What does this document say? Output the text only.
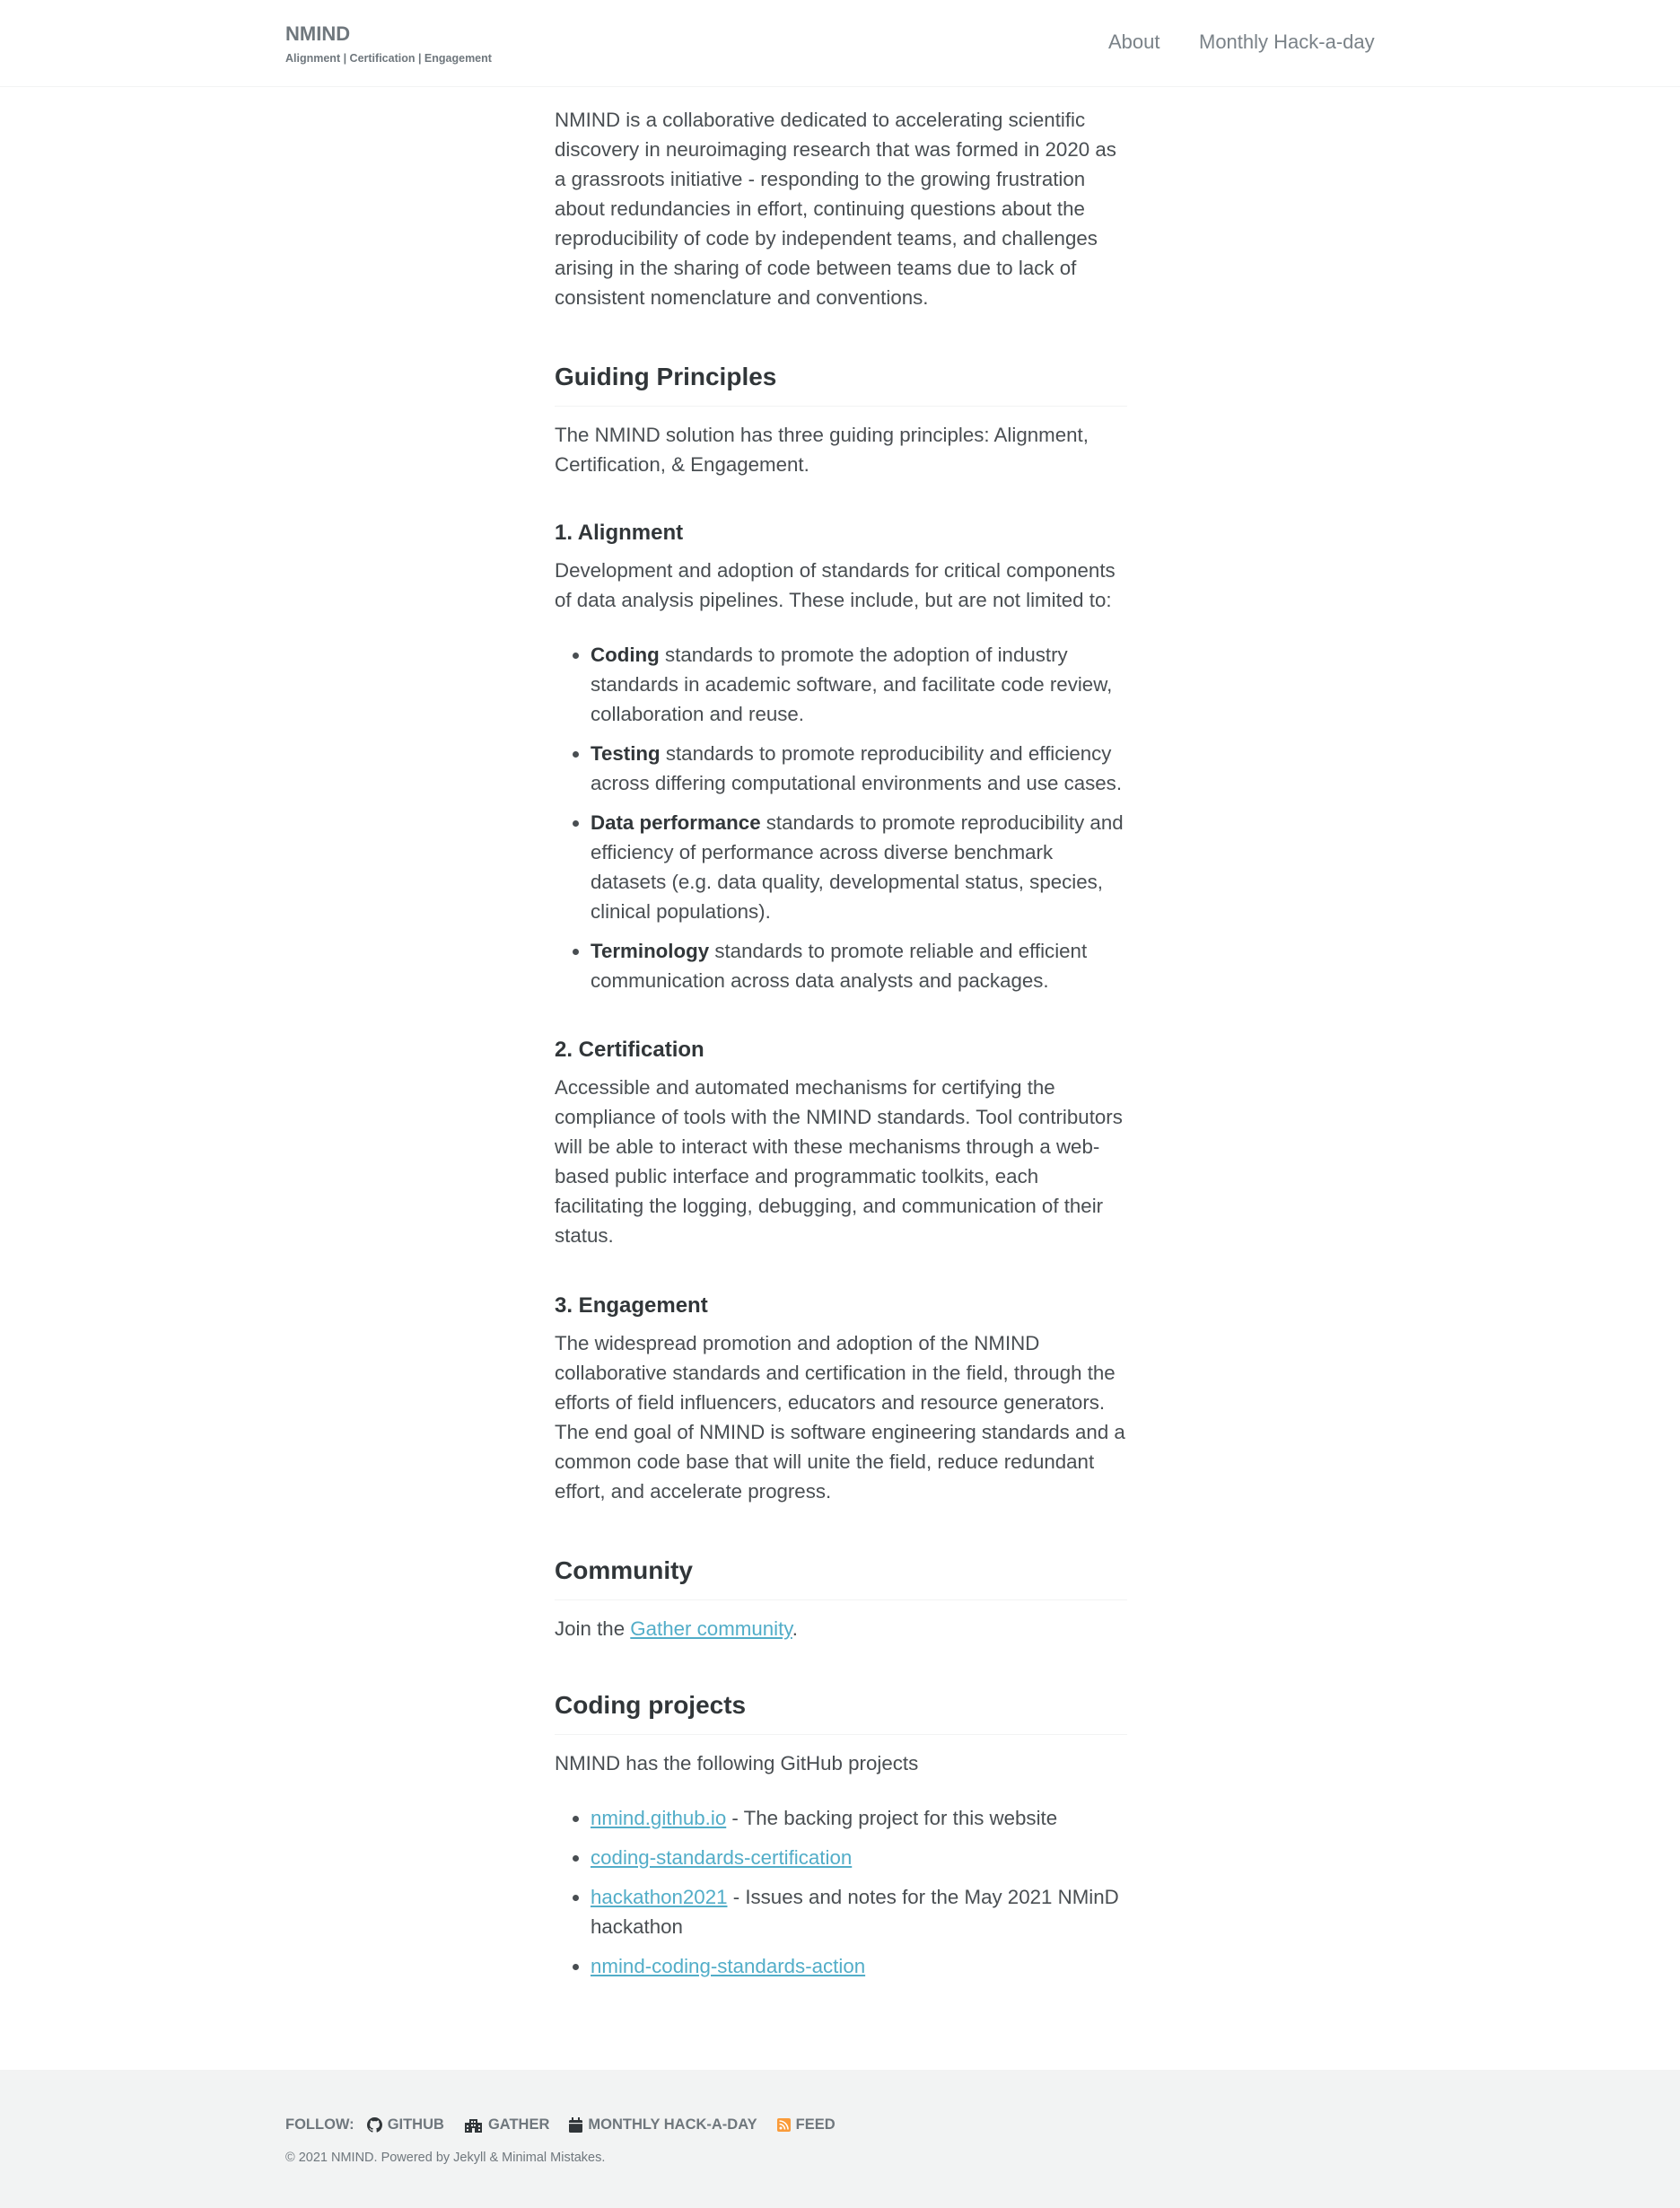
NMIND
Alignment | Certification | Engagement
About Monthly Hack-a-day

NMIND is a collaborative dedicated to accelerating scientific discovery in neuroimaging research that was formed in 2020 as a grassroots initiative - responding to the growing frustration about redundancies in effort, continuing questions about the reproducibility of code by independent teams, and challenges arising in the sharing of code between teams due to lack of consistent nomenclature and conventions.

Guiding Principles

The NMIND solution has three guiding principles: Alignment, Certification, & Engagement.

1. Alignment

Development and adoption of standards for critical components of data analysis pipelines. These include, but are not limited to:

• Coding standards to promote the adoption of industry standards in academic software, and facilitate code review, collaboration and reuse.
• Testing standards to promote reproducibility and efficiency across differing computational environments and use cases.
• Data performance standards to promote reproducibility and efficiency of performance across diverse benchmark datasets (e.g. data quality, developmental status, species, clinical populations).
• Terminology standards to promote reliable and efficient communication across data analysts and packages.
2. Certification

Accessible and automated mechanisms for certifying the compliance of tools with the NMIND standards. Tool contributors will be able to interact with these mechanisms through a web-based public interface and programmatic toolkits, each facilitating the logging, debugging, and communication of their status.

3. Engagement

The widespread promotion and adoption of the NMIND collaborative standards and certification in the field, through the efforts of field influencers, educators and resource generators. The end goal of NMIND is software engineering standards and a common code base that will unite the field, reduce redundant effort, and accelerate progress.

Community

Join the Gather community.

Coding projects

NMIND has the following GitHub projects

• nmind.github.io - The backing project for this website
• coding-standards-certification
• hackathon2021 - Issues and notes for the May 2021 NMinD hackathon
• nmind-coding-standards-action
FOLLOW: GITHUB	GATHER	MONTHLY HACK-A-DAY	FEED
© 2021 NMIND. Powered by Jekyll & Minimal Mistakes.
